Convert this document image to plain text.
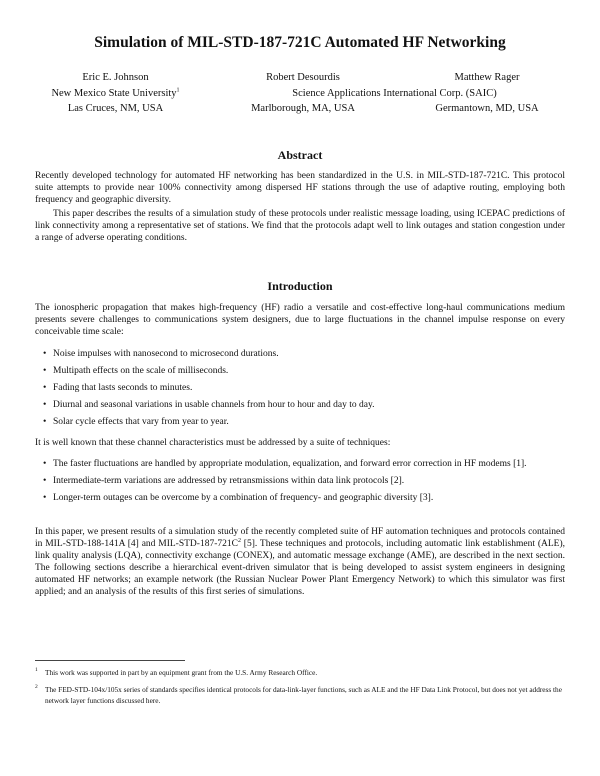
Simulation of MIL-STD-187-721C Automated HF Networking
Eric E. Johnson	Robert Desourdis	Matthew Rager
New Mexico State University$^1$	Science Applications International Corp. (SAIC)
Las Cruces, NM, USA	Marlborough, MA, USA	Germantown, MD, USA
Abstract
Recently developed technology for automated HF networking has been standardized in the U.S. in MIL-STD-187-721C. This protocol suite attempts to provide near 100% connectivity among dispersed HF stations through the use of adaptive routing, employing both frequency and geographic diversity.
This paper describes the results of a simulation study of these protocols under realistic message loading, using ICEPAC predictions of link connectivity among a representative set of stations. We find that the protocols adapt well to link outages and station congestion under a range of adverse operating conditions.
Introduction
The ionospheric propagation that makes high-frequency (HF) radio a versatile and cost-effective long-haul communications medium presents severe challenges to communications system designers, due to large fluctuations in the channel impulse response on every conceivable time scale:
• Noise impulses with nanosecond to microsecond durations.
• Multipath effects on the scale of milliseconds.
• Fading that lasts seconds to minutes.
• Diurnal and seasonal variations in usable channels from hour to hour and day to day.
• Solar cycle effects that vary from year to year.
It is well known that these channel characteristics must be addressed by a suite of techniques:
• The faster fluctuations are handled by appropriate modulation, equalization, and forward error correction in HF modems [1].
• Intermediate-term variations are addressed by retransmissions within data link protocols [2].
• Longer-term outages can be overcome by a combination of frequency- and geographic diversity [3].
In this paper, we present results of a simulation study of the recently completed suite of HF automation techniques and protocols contained in MIL-STD-188-141A [4] and MIL-$STD-187-721C^2$ [5]. These techniques and protocols, including automatic link establishment (ALE), link quality analysis (LQA), connectivity exchange (CONEX), and automatic message exchange (AME), are described in the next section. The following sections describe a hierarchical event-driven simulator that is being developed to assist system engineers in designing automated HF networks; an example network (the Russian Nuclear Power Plant Emergency Network) to which this simulator was first applied; and an analysis of the results of this first series of simulations.
1 This work was supported in part by an equipment grant from the U.S. Army Research Office.
2 The FED-STD-104x/105x series of standards specifies identical protocols for data-link-layer functions, such as ALE and the HF Data Link Protocol, but does not yet address the network layer functions discussed here.
